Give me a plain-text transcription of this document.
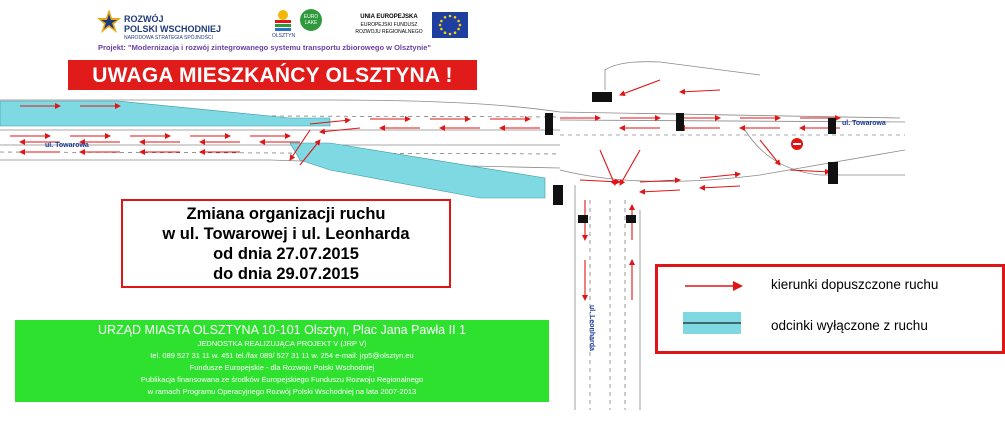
ul. Towarowa
ul. Towarowa
ul. Leonharda
ROZWÓJ
POLSKI WSCHODNIEJ
NARODOWA STRATEGIA SPÓJNOŚCI	OLSZTYN
EURO LAKE
UNIA EUROPEJSKA
EUROPEJSKI FUNDUSZ
ROZWOJU REGIONALNEGO
Projekt: "Modernizacja i rozwój zintegrowanego systemu transportu zbiorowego w Olsztynie"
UWAGA MIESZKAŃCY OLSZTYNA !
Zmiana organizacji ruchu
w ul. Towarowej i ul. Leonharda
od dnia 27.07.2015
do dnia 29.07.2015
URZĄD MIASTA OLSZTYNA 10-101 Olsztyn, Plac Jana Pawła II 1
JEDNOSTKA REALIZUJĄCA PROJEKT V (JRP V)
tel. 089 527 31 11 w. 451 tel./fax 089/ 527 31 11 w. 254 e-mail: jrp5@olsztyn.eu
Fundusze Europejskie - dla Rozwoju Polski Wschodniej
Publikacja finansowana ze środków Europejskiego Funduszu Rozwoju Regionalnego
w ramach Programu Operacyjnego Rozwój Polski Wschodniej na lata 2007-2013
kierunki dopuszczone ruchu
odcinki wyłączone z ruchu
